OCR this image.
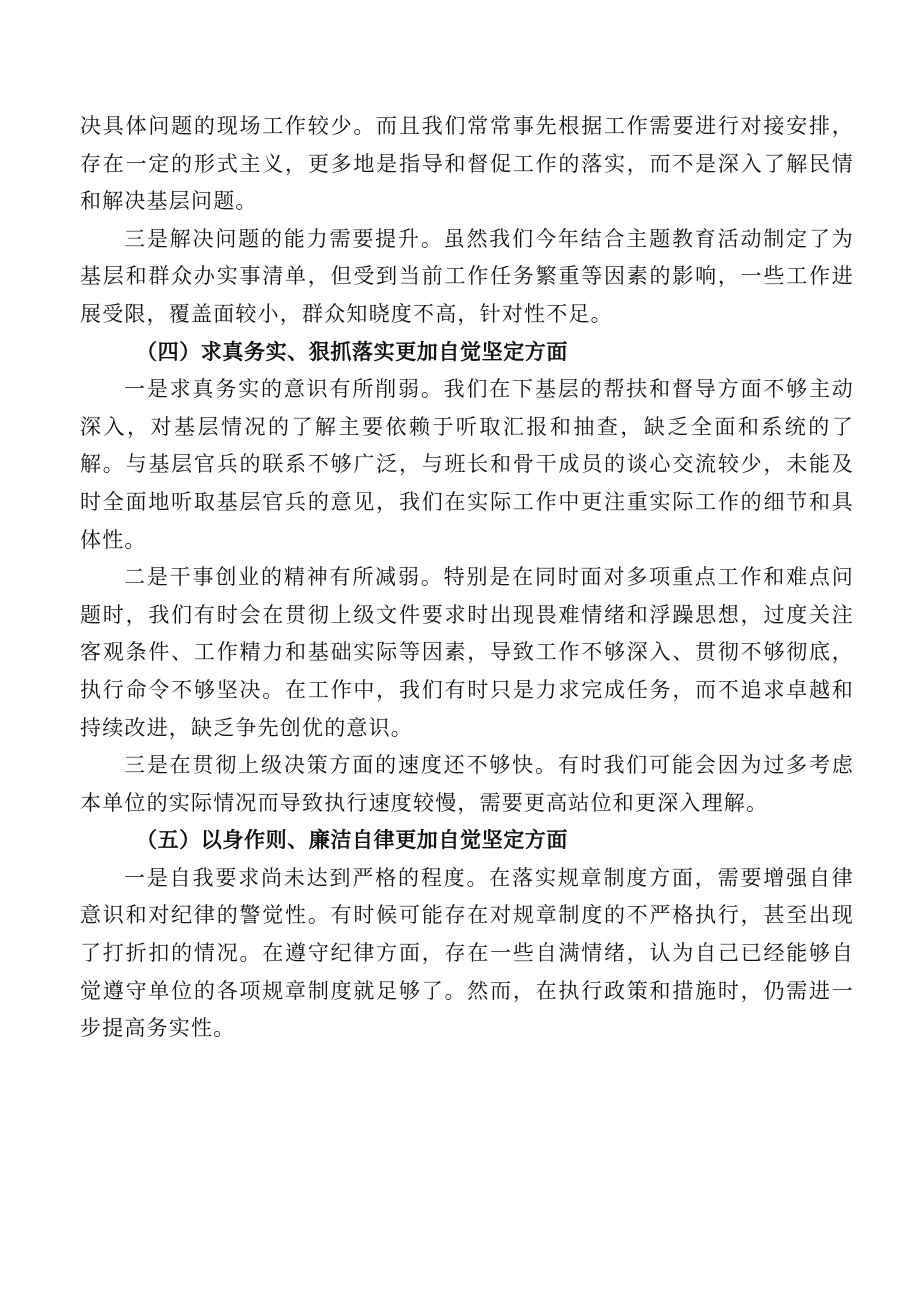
决具体问题的现场工作较少。而且我们常常事先根据工作需要进行对接安排，存在一定的形式主义，更多地是指导和督促工作的落实，而不是深入了解民情和解决基层问题。

三是解决问题的能力需要提升。虽然我们今年结合主题教育活动制定了为基层和群众办实事清单，但受到当前工作任务繁重等因素的影响，一些工作进展受限，覆盖面较小，群众知晓度不高，针对性不足。

（四）求真务实、狠抓落实更加自觉坚定方面

一是求真务实的意识有所削弱。我们在下基层的帮扶和督导方面不够主动深入，对基层情况的了解主要依赖于听取汇报和抽查，缺乏全面和系统的了解。与基层官兵的联系不够广泛，与班长和骨干成员的谈心交流较少，未能及时全面地听取基层官兵的意见，我们在实际工作中更注重实际工作的细节和具体性。

二是干事创业的精神有所减弱。特别是在同时面对多项重点工作和难点问题时，我们有时会在贯彻上级文件要求时出现畏难情绪和浮躁思想，过度关注客观条件、工作精力和基础实际等因素，导致工作不够深入、贯彻不够彻底，执行命令不够坚决。在工作中，我们有时只是力求完成任务，而不追求卓越和持续改进，缺乏争先创优的意识。

三是在贯彻上级决策方面的速度还不够快。有时我们可能会因为过多考虑本单位的实际情况而导致执行速度较慢，需要更高站位和更深入理解。

（五）以身作则、廉洁自律更加自觉坚定方面

一是自我要求尚未达到严格的程度。在落实规章制度方面，需要增强自律意识和对纪律的警觉性。有时候可能存在对规章制度的不严格执行，甚至出现了打折扣的情况。在遵守纪律方面，存在一些自满情绪，认为自己已经能够自觉遵守单位的各项规章制度就足够了。然而，在执行政策和措施时，仍需进一步提高务实性。
